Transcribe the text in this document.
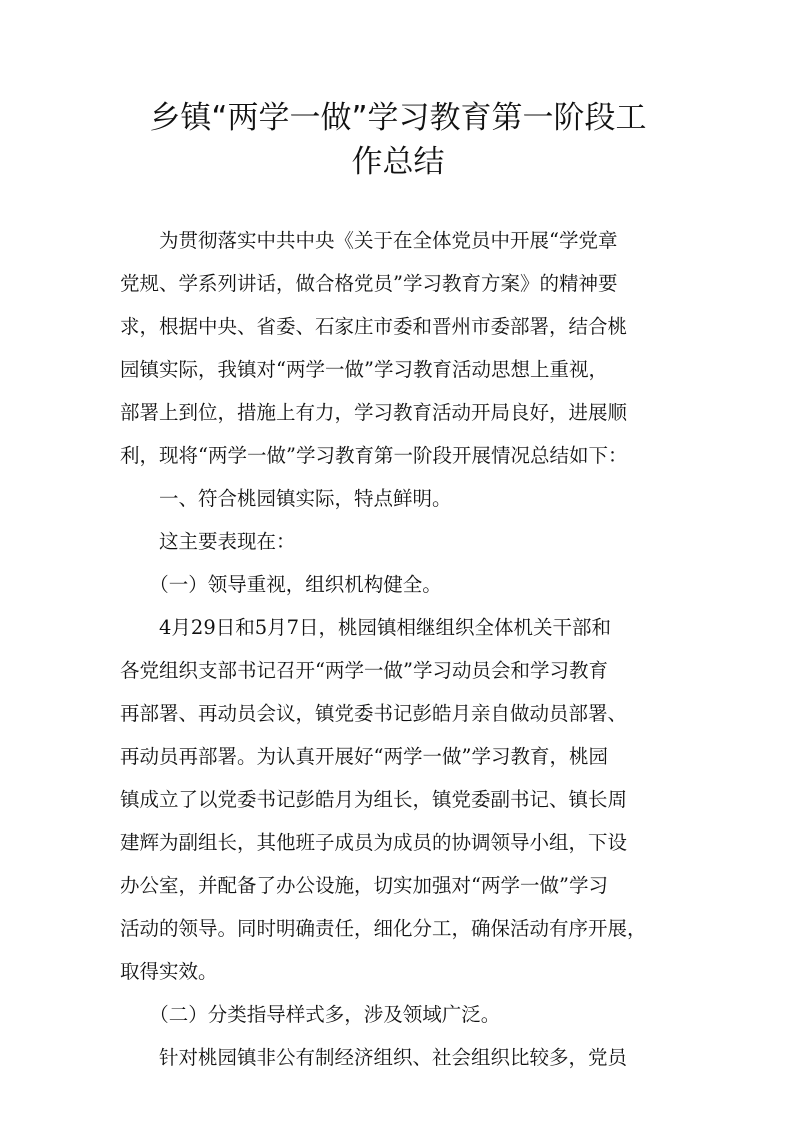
乡镇“两学一做”学习教育第一阶段工
作总结

　　为贯彻落实中共中央《关于在全体党员中开展“学党章

党规、学系列讲话，做合格党员”学习教育方案》的精神要

求，根据中央、省委、石家庄市委和晋州市委部署，结合桃

园镇实际，我镇对“两学一做”学习教育活动思想上重视，

部署上到位，措施上有力，学习教育活动开局良好，进展顺

利，现将“两学一做”学习教育第一阶段开展情况总结如下：

　　一、符合桃园镇实际，特点鲜明。

　　这主要表现在：

　　（一）领导重视，组织机构健全。

　　4月29日和5月7日，桃园镇相继组织全体机关干部和

各党组织支部书记召开“两学一做”学习动员会和学习教育

再部署、再动员会议，镇党委书记彭皓月亲自做动员部署、

再动员再部署。为认真开展好“两学一做”学习教育，桃园

镇成立了以党委书记彭皓月为组长，镇党委副书记、镇长周

建辉为副组长，其他班子成员为成员的协调领导小组，下设

办公室，并配备了办公设施，切实加强对“两学一做”学习

活动的领导。同时明确责任，细化分工，确保活动有序开展，

取得实效。

　　（二）分类指导样式多，涉及领域广泛。

　　针对桃园镇非公有制经济组织、社会组织比较多，党员
